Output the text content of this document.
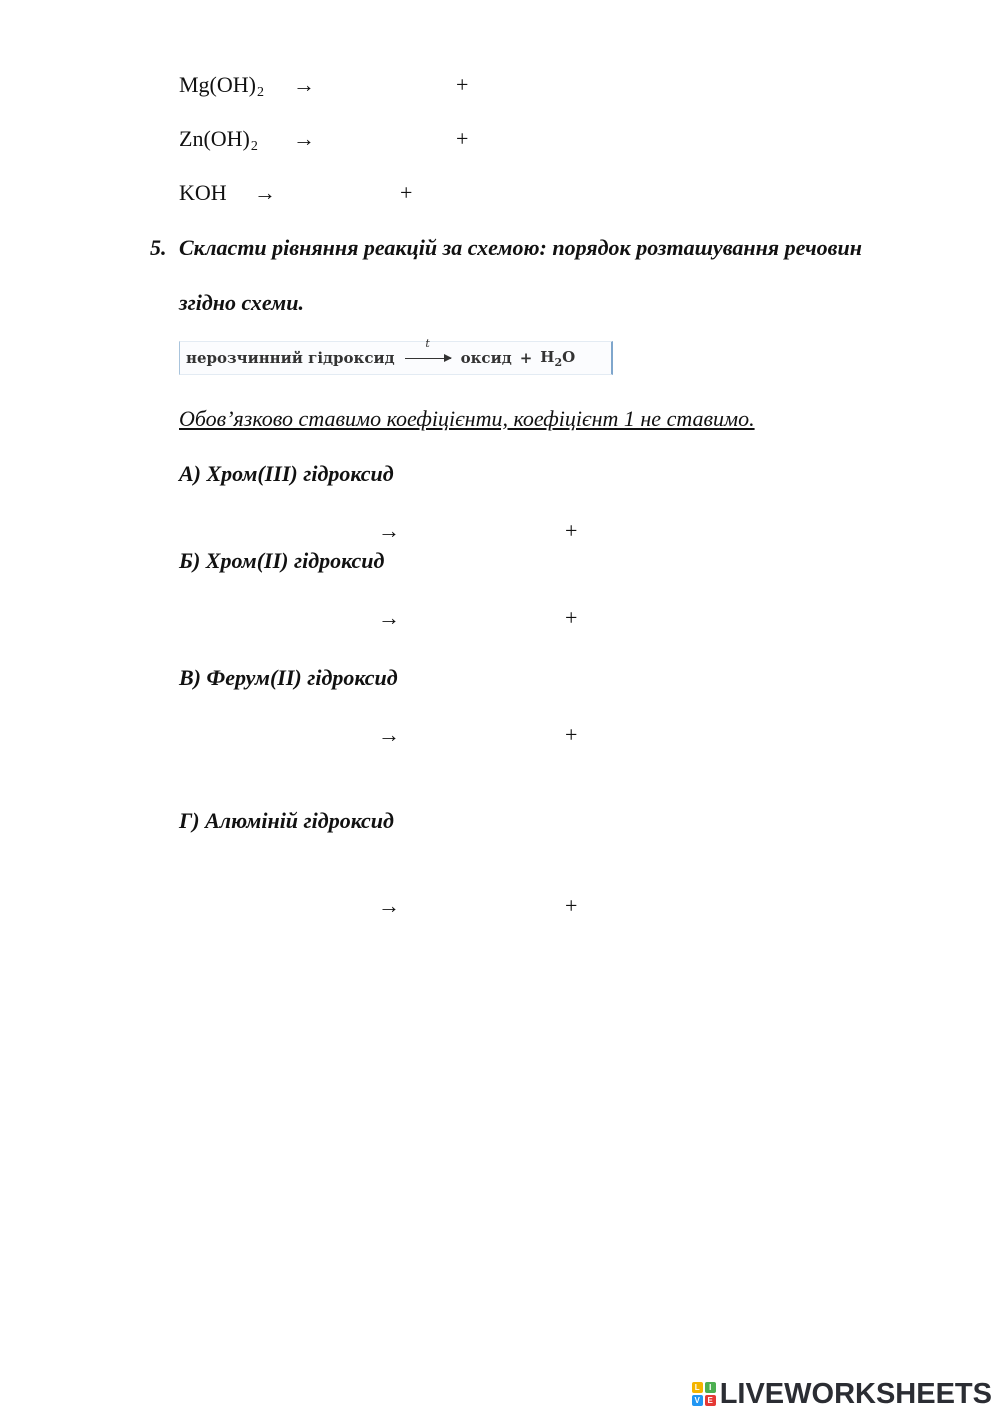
$Mg(OH)_2$ →	+
$Zn(OH)_2$ →	+
KOH →	+
5. Скласти рівняння реакцій за схемою: порядок розташування речовин
згідно схеми.
нерозчинний гідроксид
t
оксид + $H_2O$
Обов’язково ставимо коефіцієнти, коефіцієнт 1 не ставимо.
А) Хром(ІІІ) гідроксид
→	+
Б) Хром(ІІ) гідроксид
→	+
В) Ферум(ІІ) гідроксид
→	+
Г) Алюміній гідроксид
→	+
L	I
V E LIVEWORKSHEETS
